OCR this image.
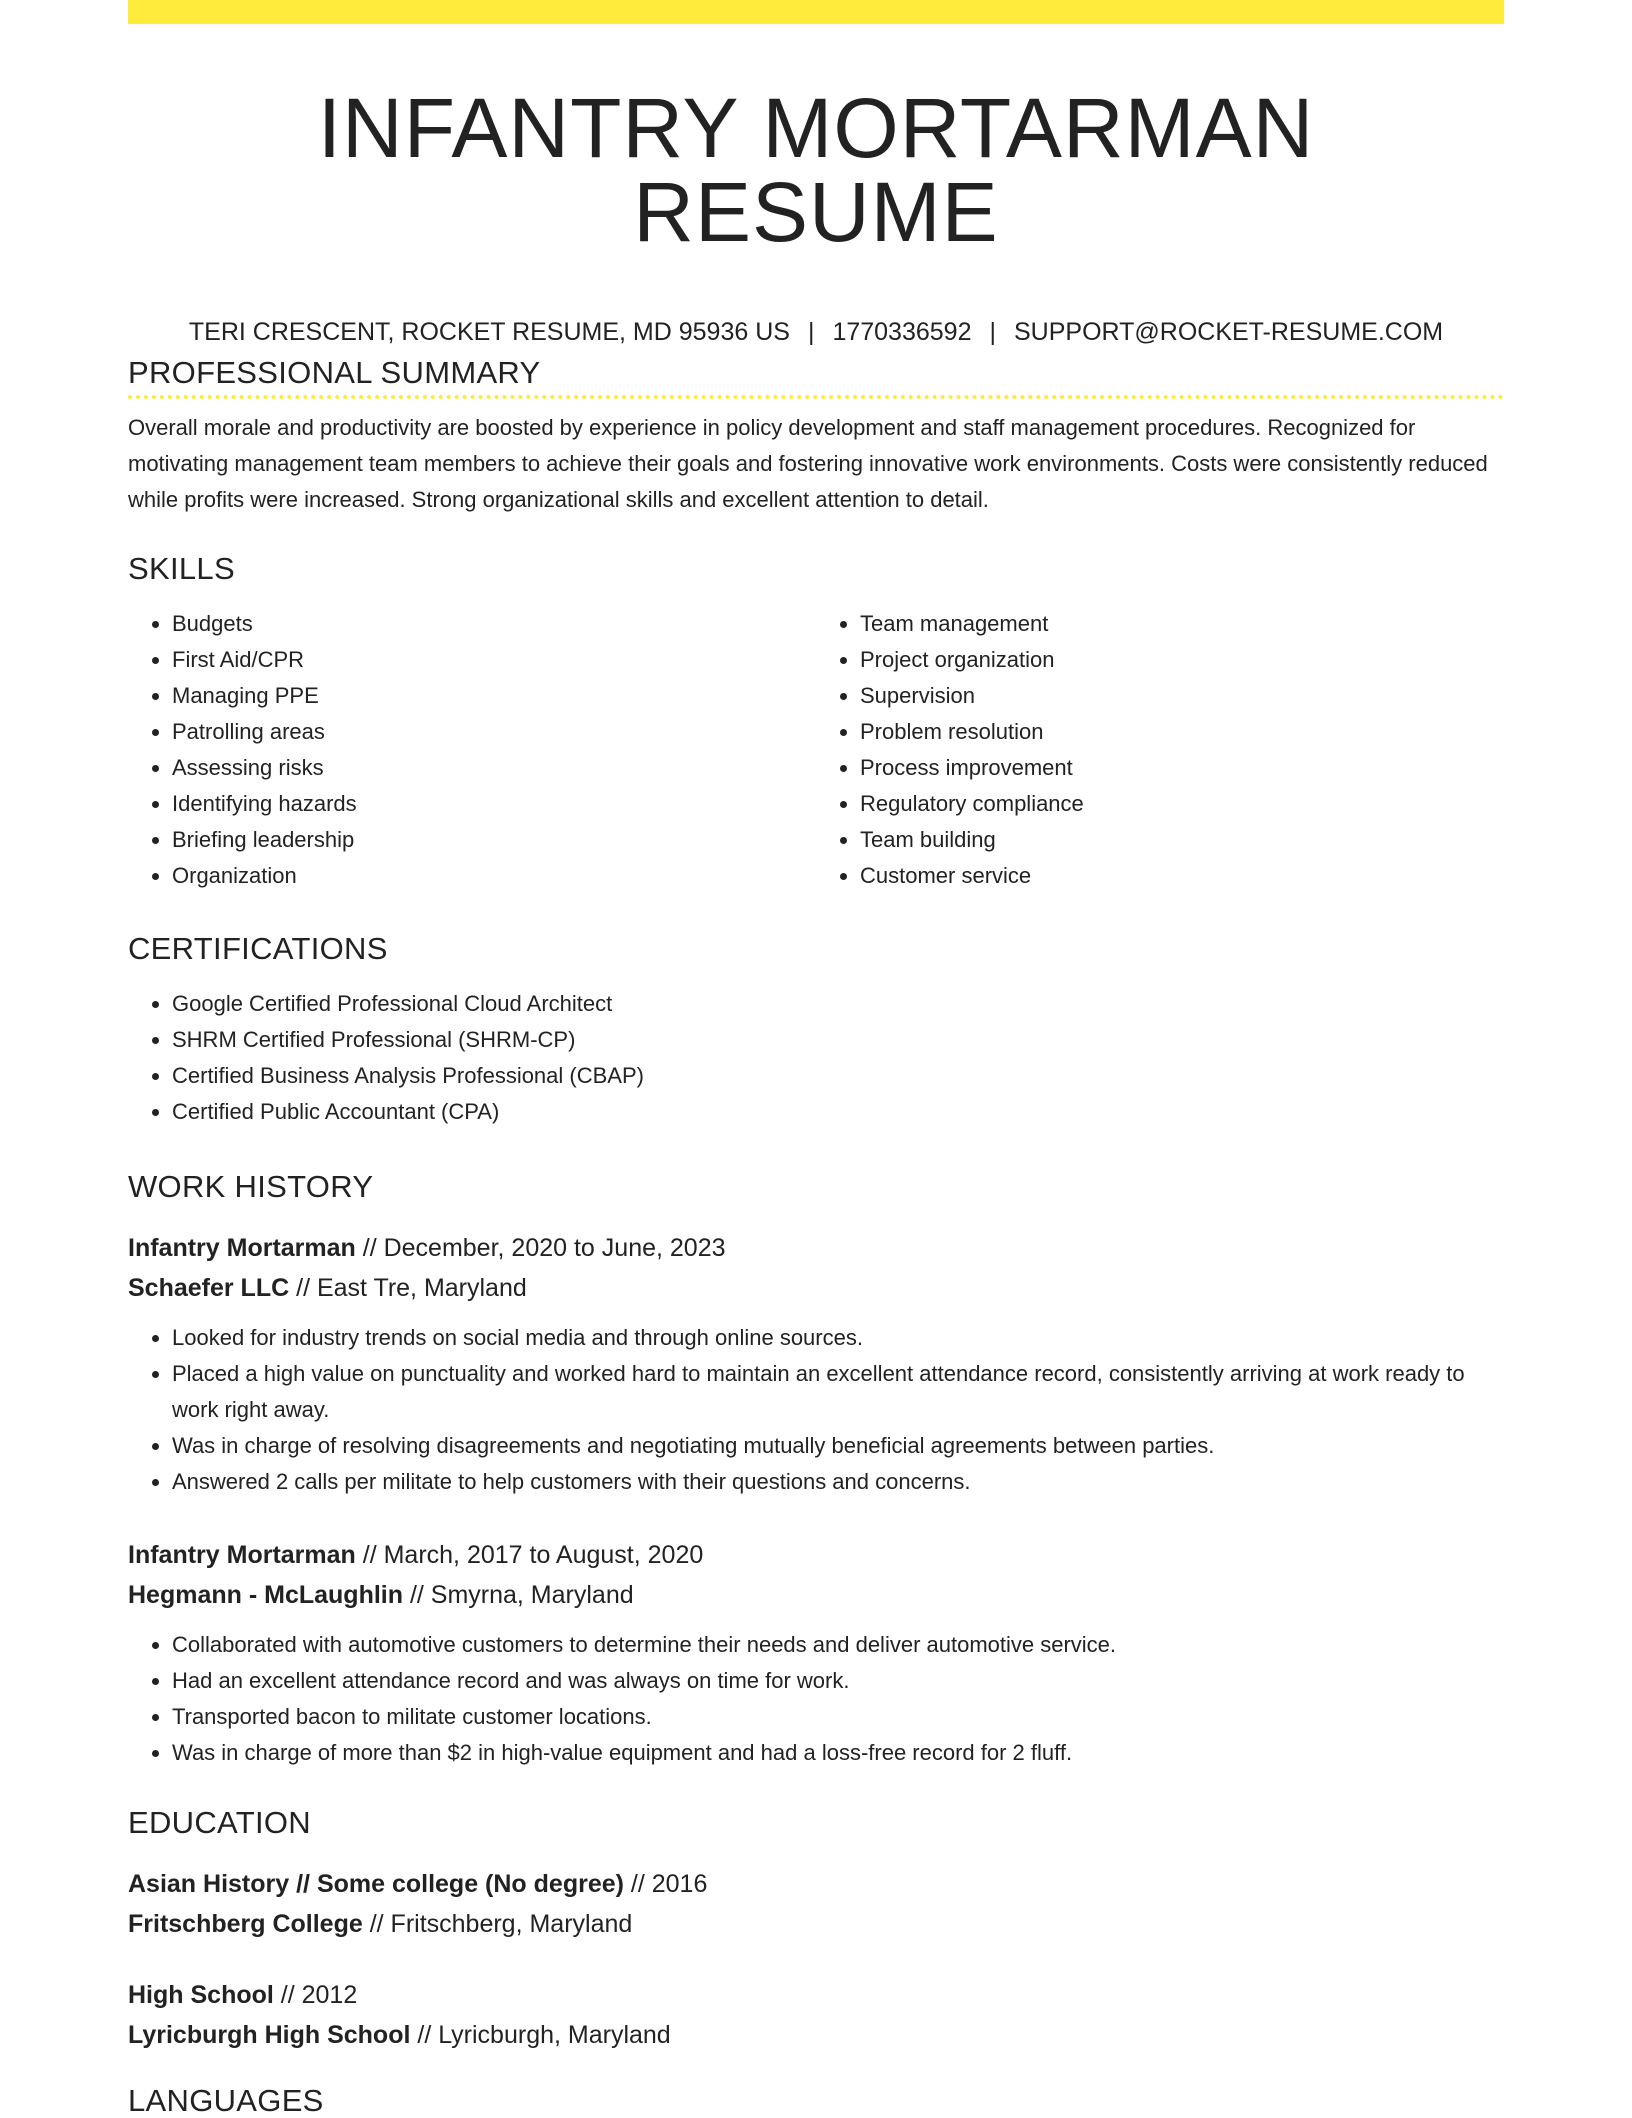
INFANTRY MORTARMAN RESUME
TERI CRESCENT, ROCKET RESUME, MD 95936 US | 1770336592 | SUPPORT@ROCKET-RESUME.COM
PROFESSIONAL SUMMARY

Overall morale and productivity are boosted by experience in policy development and staff management procedures. Recognized for motivating management team members to achieve their goals and fostering innovative work environments. Costs were consistently reduced while profits were increased. Strong organizational skills and excellent attention to detail.

SKILLS
• Budgets
• First Aid/CPR
• Managing PPE
• Patrolling areas
• Assessing risks
• Identifying hazards
• Briefing leadership
• Organization
• Team management
• Project organization
• Supervision
• Problem resolution
• Process improvement
• Regulatory compliance
• Team building
• Customer service
CERTIFICATIONS
• Google Certified Professional Cloud Architect
• SHRM Certified Professional (SHRM-CP)
• Certified Business Analysis Professional (CBAP)
• Certified Public Accountant (CPA)
WORK HISTORY
Infantry Mortarman // December, 2020 to June, 2023
Schaefer LLC // East Tre, Maryland
• Looked for industry trends on social media and through online sources.
• Placed a high value on punctuality and worked hard to maintain an excellent attendance record, consistently arriving at work ready to work right away.
• Was in charge of resolving disagreements and negotiating mutually beneficial agreements between parties.
• Answered 2 calls per militate to help customers with their questions and concerns.
Infantry Mortarman // March, 2017 to August, 2020
Hegmann - McLaughlin // Smyrna, Maryland
• Collaborated with automotive customers to determine their needs and deliver automotive service.
• Had an excellent attendance record and was always on time for work.
• Transported bacon to militate customer locations.
• Was in charge of more than $2 in high-value equipment and had a loss-free record for 2 fluff.
EDUCATION
Asian History // Some college (No degree) // 2016
Fritschberg College // Fritschberg, Maryland
High School // 2012
Lyricburgh High School // Lyricburgh, Maryland
LANGUAGES
